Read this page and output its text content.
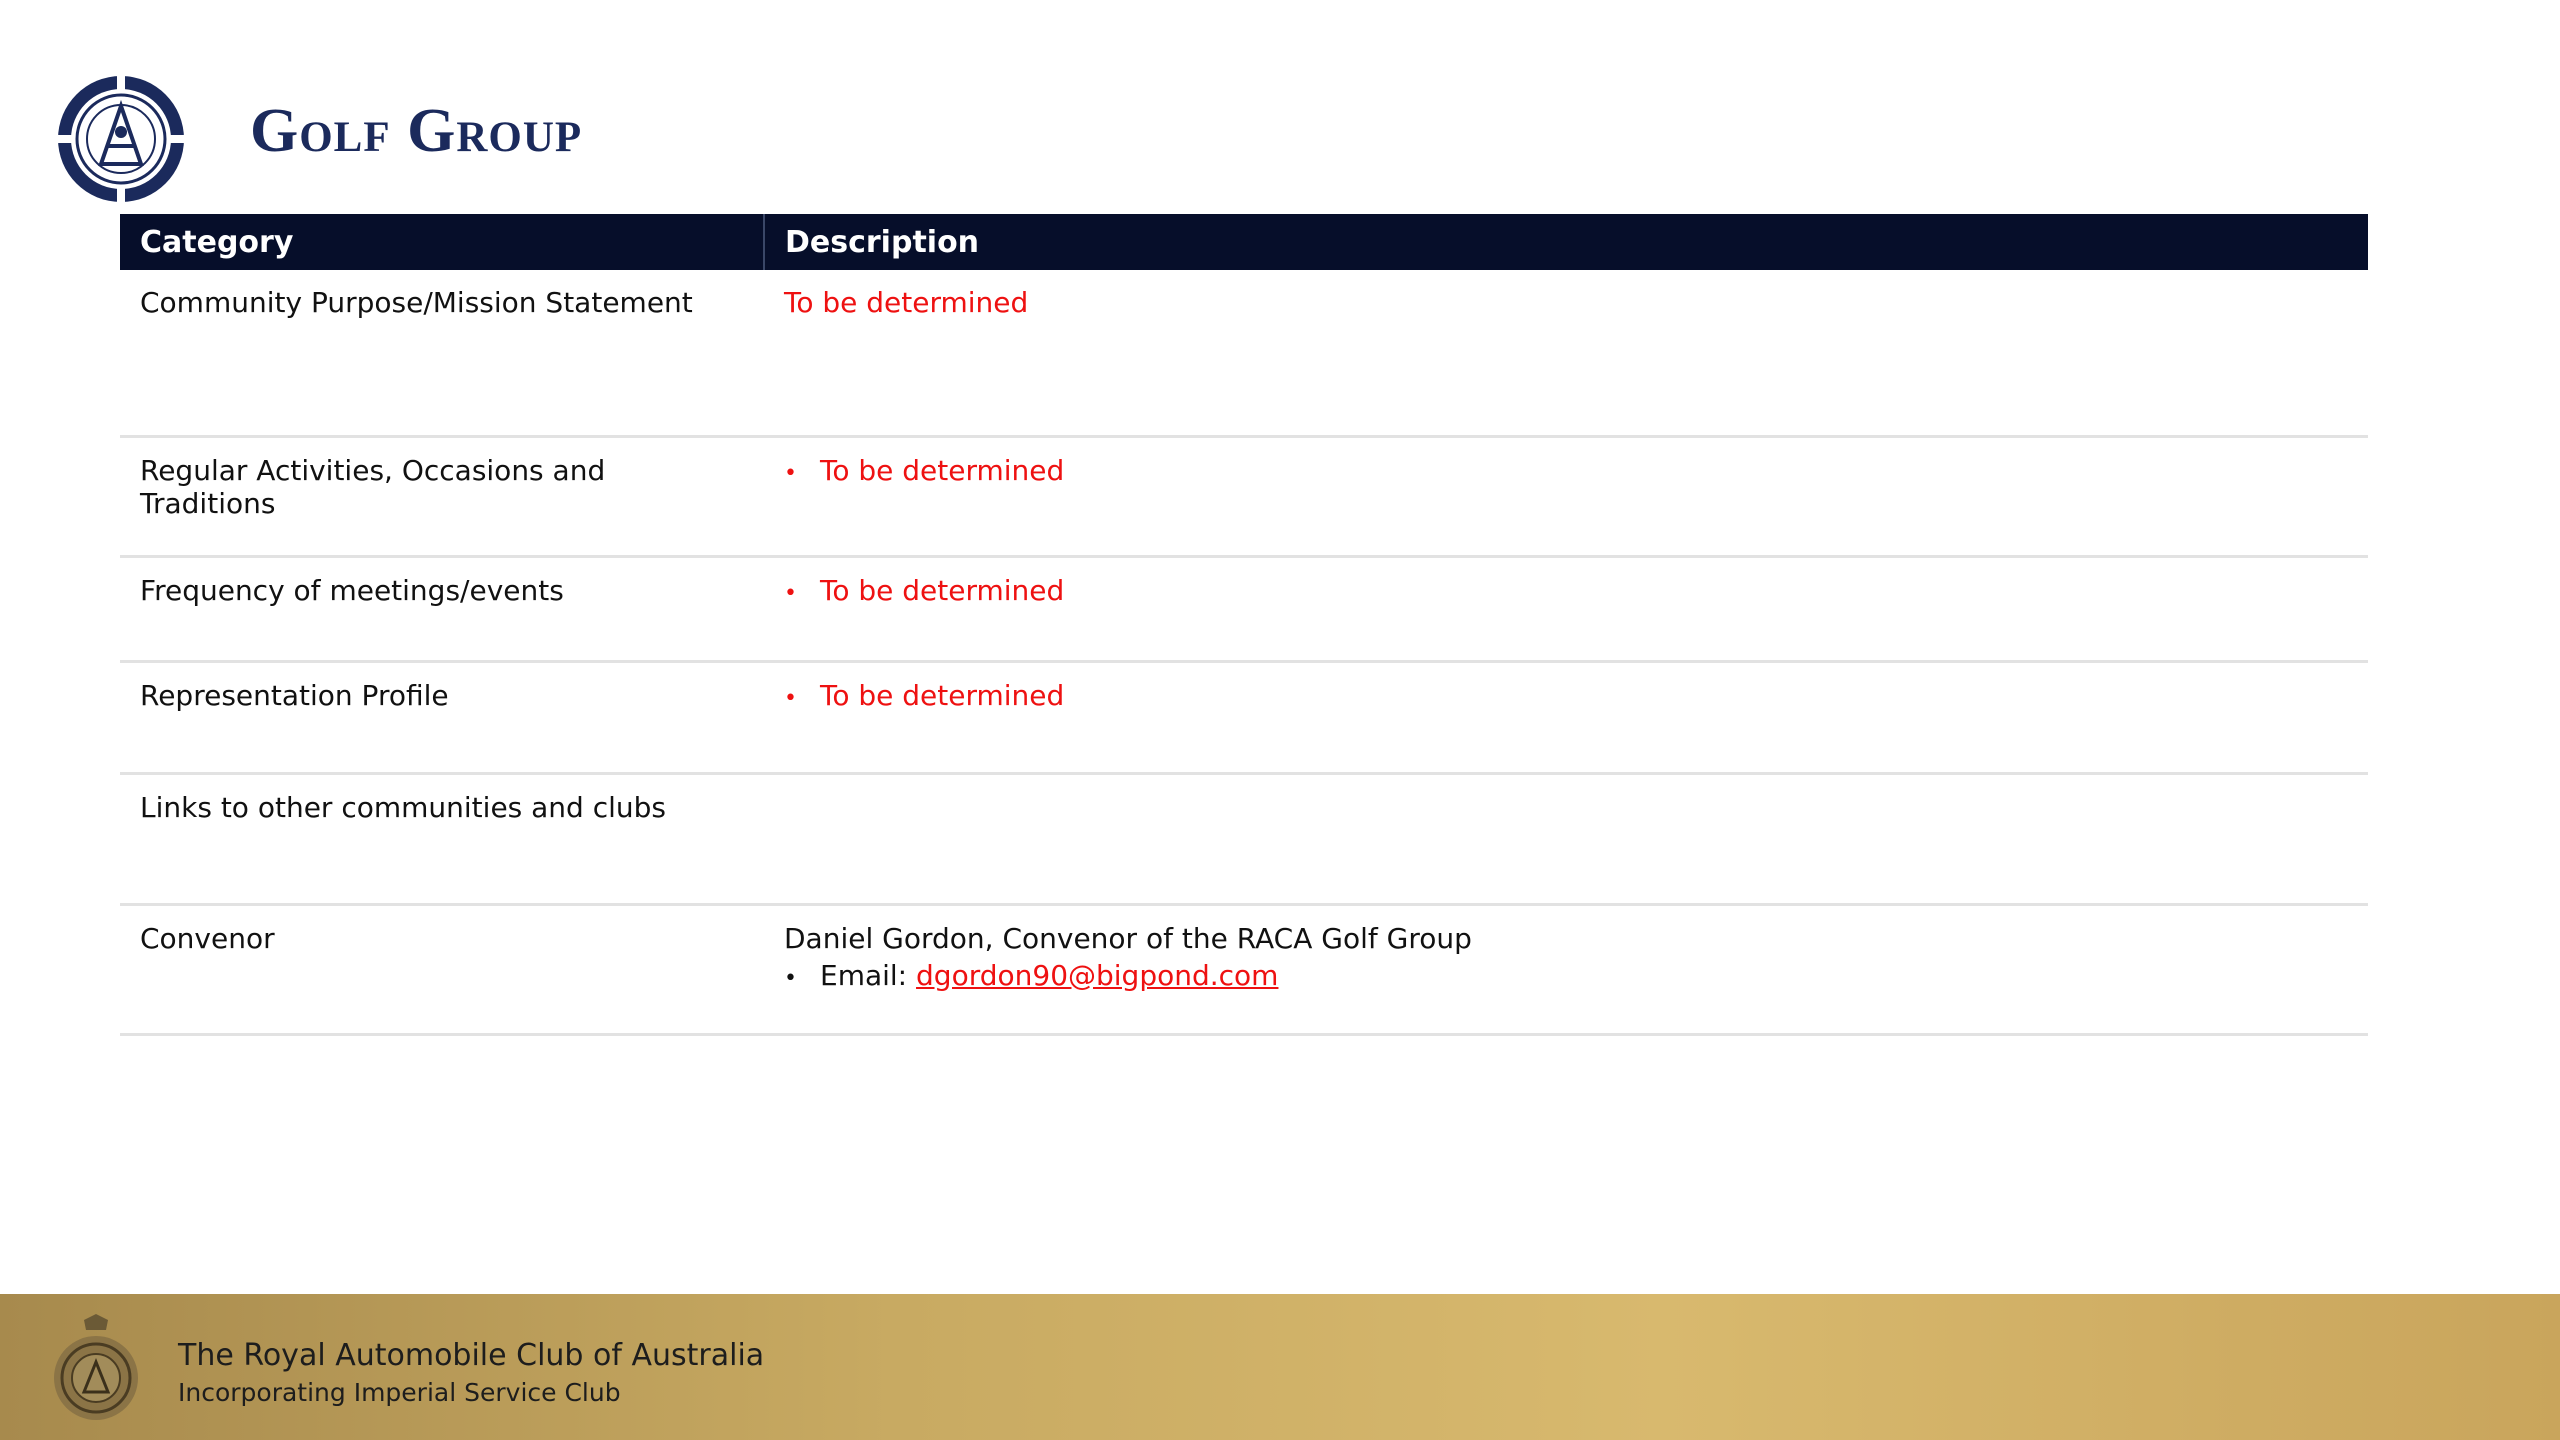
Golf Group
Category	Description
Community Purpose/Mission Statement	To be determined
Regular Activities, Occasions and Traditions	• To be determined

Frequency of meetings/events	• To be determined

Representation Profile	• To be determined

Links to other communities and clubs	
Convenor	Daniel Gordon, Convenor of the RACA Golf Group
• Email: dgordon90@bigpond.com
The Royal Automobile Club of Australia
Incorporating Imperial Service Club
